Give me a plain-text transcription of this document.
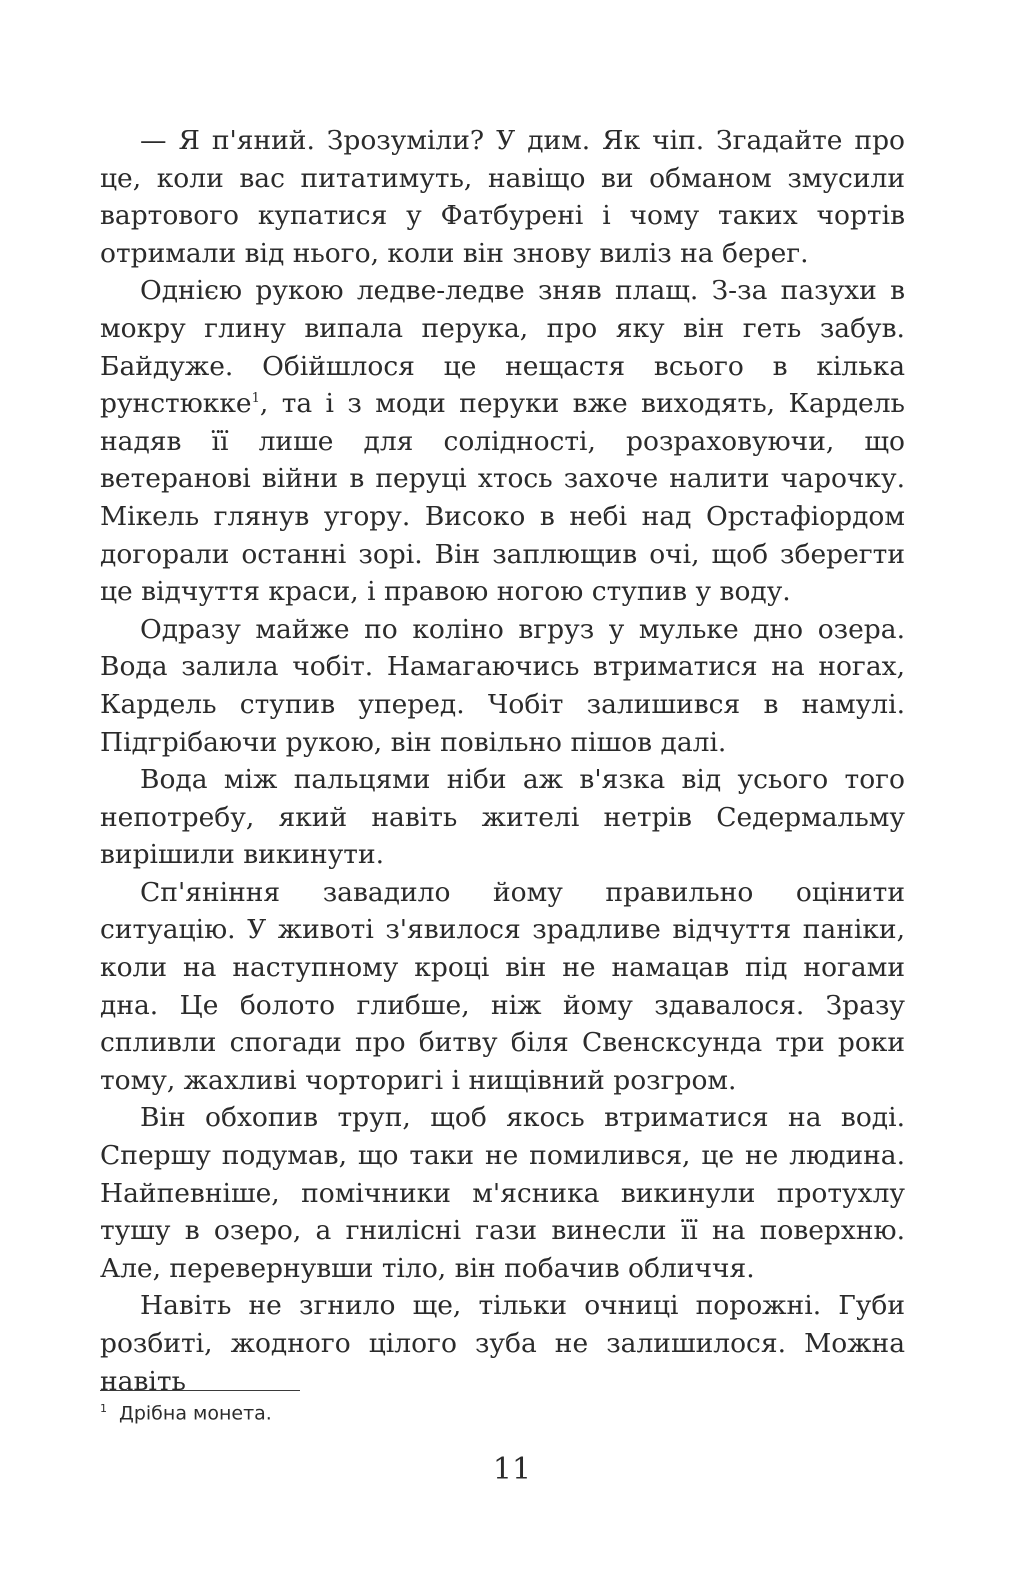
— Я п'яний. Зрозуміли? У дим. Як чіп. Згадайте про це, коли вас питатимуть, навіщо ви обманом змусили вартового купатися у Фатбурені і чому таких чортів отримали від нього, коли він знову виліз на берег.

Однією рукою ледве-ледве зняв плащ. З-за пазухи в мокру глину випала перука, про яку він геть забув. Байдуже. Обійшлося це нещастя всього в кілька рунстюкке$^1$, та і з моди перуки вже виходять, Кардель надяв її лише для солідності, розраховуючи, що ветеранові війни в перуці хтось захоче налити чарочку. Мікель глянув угору. Високо в небі над Орстафіордом догорали останні зорі. Він заплющив очі, щоб зберегти це відчуття краси, і правою ногою ступив у воду.

Одразу майже по коліно вгруз у мульке дно озера. Вода залила чобіт. Намагаючись втриматися на ногах, Кардель ступив уперед. Чобіт залишився в намулі. Підгрібаючи рукою, він повільно пішов далі.

Вода між пальцями ніби аж в'язка від усього того непотребу, який навіть жителі нетрів Седермальму вирішили викинути.

Сп'яніння завадило йому правильно оцінити ситуацію. У животі з'явилося зрадливе відчуття паніки, коли на наступному кроці він не намацав під ногами дна. Це болото глибше, ніж йому здавалося. Зразу спливли спогади про битву біля Свенсксунда три роки тому, жахливі чорторигі і нищівний розгром.

Він обхопив труп, щоб якось втриматися на воді. Спершу подумав, що таки не помилився, це не людина. Найпевніше, помічники м'ясника викинули протухлу тушу в озеро, а гнилісні гази винесли її на поверхню. Але, перевернувши тіло, він побачив обличчя.

Навіть не згнило ще, тільки очниці порожні. Губи розбиті, жодного цілого зуба не залишилося. Можна навіть

$^1$ Дрібна монета.
11
